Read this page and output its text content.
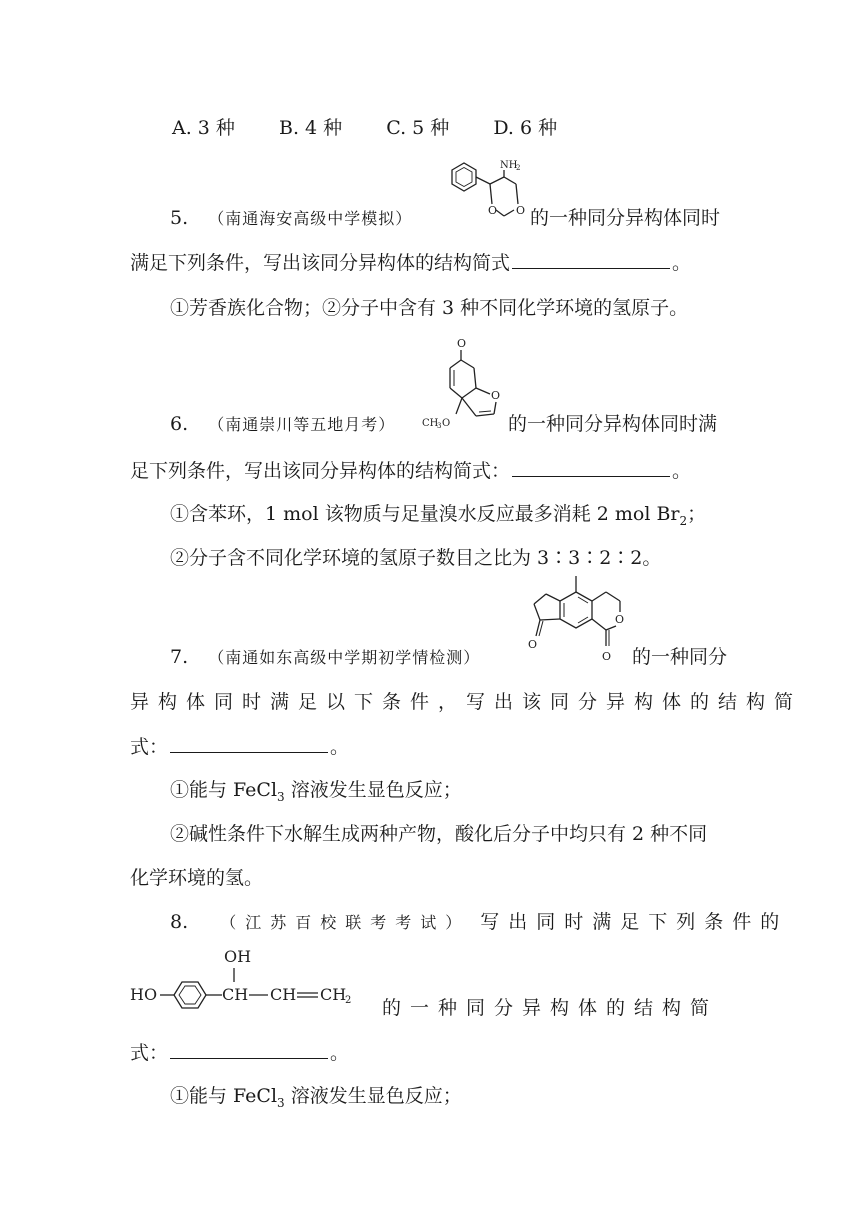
A. 3 种 B. 4 种 C. 5 种 D. 6 种
NH
2
O O
5. （南通海安高级中学模拟）	的一种同分异构体同时
满足下列条件，写出该同分异构体的结构简式	。
①芳香族化合物；②分子中含有 3 种不同化学环境的氢原子。
O
O
CH
3 O
6. （南通崇川等五地月考）	的一种同分异构体同时满
足下列条件，写出该同分异构体的结构简式：	。
①含苯环，1 mol 该物质与足量溴水反应最多消耗 2 mol $Br_2$；
②分子含不同化学环境的氢原子数目之比为 3∶3∶2∶2。
O
O
O
7. （南通如东高级中学期初学情检测）	的一种同分
异构体同时满足以下条件，写出该同分异构体的结构简
式：	。
①能与 FeCl$_3$ 溶液发生显色反应；
②碱性条件下水解生成两种产物，酸化后分子中均只有 2 种不同
化学环境的氢。
8. （江苏百校联考考试） 写出同时满足下列条件的
HO	CH
OH
CH CH
2 的一种同分异构体的结构简
式：	。
①能与 FeCl$_3$ 溶液发生显色反应；
